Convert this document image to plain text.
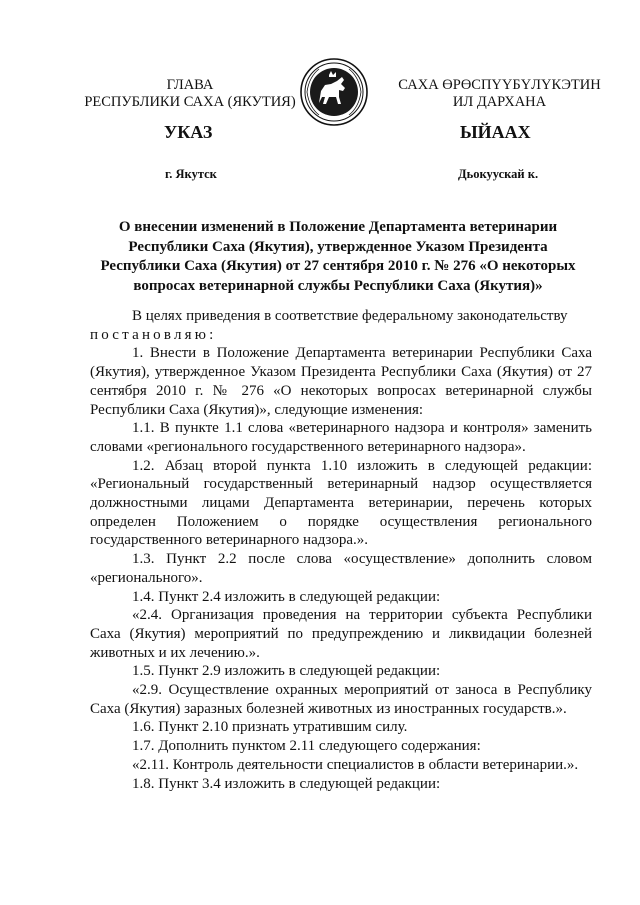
ГЛАВА
РЕСПУБЛИКИ САХА (ЯКУТИЯ)
САХА ӨРӨСПҮҮБҮЛҮКЭТИН
ИЛ ДАРХАНА
УКАЗ	ЫЙААХ
г. Якутск	Дьокуускай к.
О внесении изменений в Положение Департамента ветеринарии Республики Саха (Якутия), утвержденное Указом Президента Республики Саха (Якутия) от 27 сентября 2010 г. № 276 «О некоторых вопросах ветеринарной службы Республики Саха (Якутия)»

В целях приведения в соответствие федеральному законодательству

постановляю:

1. Внести в Положение Департамента ветеринарии Республики Саха (Якутия), утвержденное Указом Президента Республики Саха (Якутия) от 27 сентября 2010 г. № 276 «О некоторых вопросах ветеринарной службы Республики Саха (Якутия)», следующие изменения:

1.1. В пункте 1.1 слова «ветеринарного надзора и контроля» заменить словами «регионального государственного ветеринарного надзора».

1.2. Абзац второй пункта 1.10 изложить в следующей редакции: «Региональный государственный ветеринарный надзор осуществляется должностными лицами Департамента ветеринарии, перечень которых определен Положением о порядке осуществления регионального государственного ветеринарного надзора.».

1.3. Пункт 2.2 после слова «осуществление» дополнить словом «регионального».

1.4. Пункт 2.4 изложить в следующей редакции:

«2.4. Организация проведения на территории субъекта Республики Саха (Якутия) мероприятий по предупреждению и ликвидации болезней животных и их лечению.».

1.5. Пункт 2.9 изложить в следующей редакции:

«2.9. Осуществление охранных мероприятий от заноса в Республику Саха (Якутия) заразных болезней животных из иностранных государств.».

1.6. Пункт 2.10 признать утратившим силу.

1.7. Дополнить пунктом 2.11 следующего содержания:

«2.11. Контроль деятельности специалистов в области ветеринарии.».

1.8. Пункт 3.4 изложить в следующей редакции:
